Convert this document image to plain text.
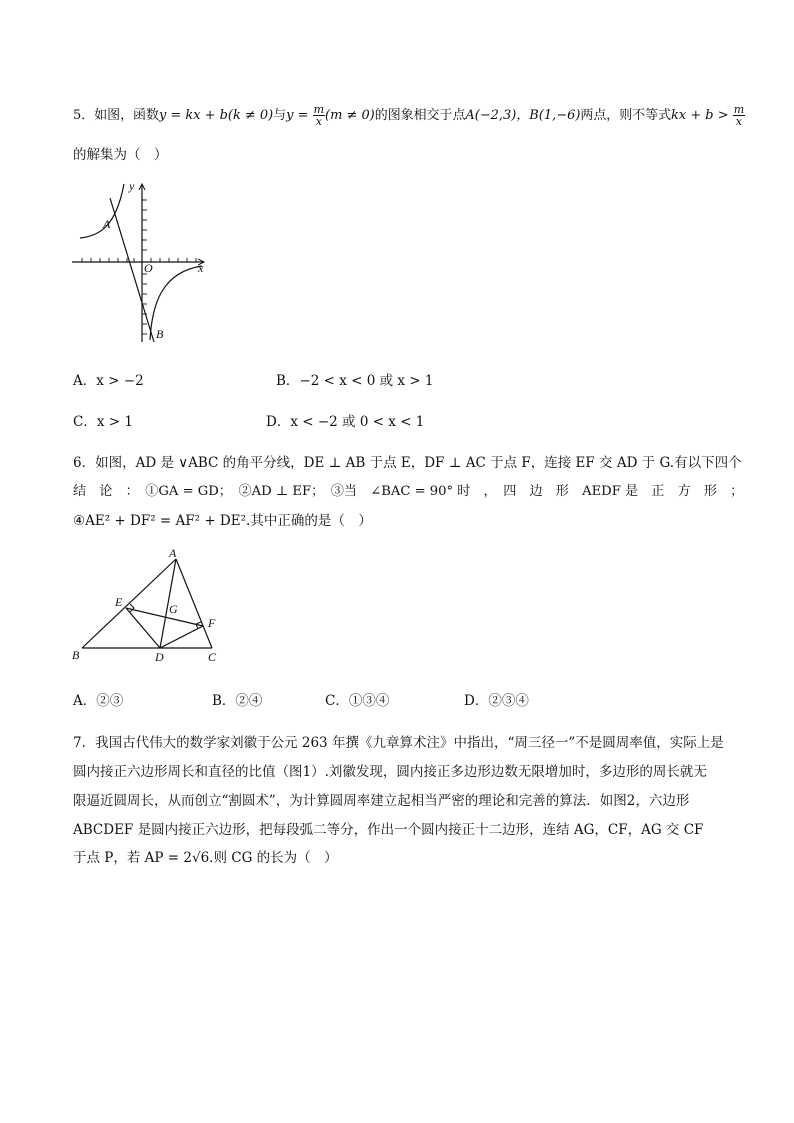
5．如图，函数y = kx + b(k ≠ 0)与$y = \frac{m}{x} (m \ne 0)$的图象相交于点A(−2,3)，B(1,−6)两点，则不等式kx + $b > \frac{m}{x}$
的解集为（　）
y
x
O
A
B
A．x > −2	B．−2 < x < 0 或 x > 1
C．x > 1	D．x < −2 或 0 < x < 1
6．如图，AD 是 ∨ABC 的角平分线，DE ⊥ AB 于点 E，DF ⊥ AC 于点 F，连接 EF 交 AD 于 G.有以下四个
结　论　：　①GA = GD；　②AD ⊥ EF；　③当　∠BAC = 90° 时　，　四　边　形　AEDF 是　正　方　形　；
④AE² + DF² = AF² + DE².其中正确的是（　）
A
B	C
D
E
F
G
A．②③	B．②④	C．①③④	D．②③④
7．我国古代伟大的数学家刘徽于公元 263 年撰《九章算术注》中指出，“周三径一”不是圆周率值，实际上是
圆内接正六边形周长和直径的比值（图1）.刘徽发现，圆内接正多边形边数无限增加时，多边形的周长就无
限逼近圆周长，从而创立“割圆术”，为计算圆周率建立起相当严密的理论和完善的算法．如图2，六边形
ABCDEF 是圆内接正六边形，把每段弧二等分，作出一个圆内接正十二边形，连结 AG，CF，AG 交 CF
于点 P，若 AP = 2√6.则 CG 的长为（　）
